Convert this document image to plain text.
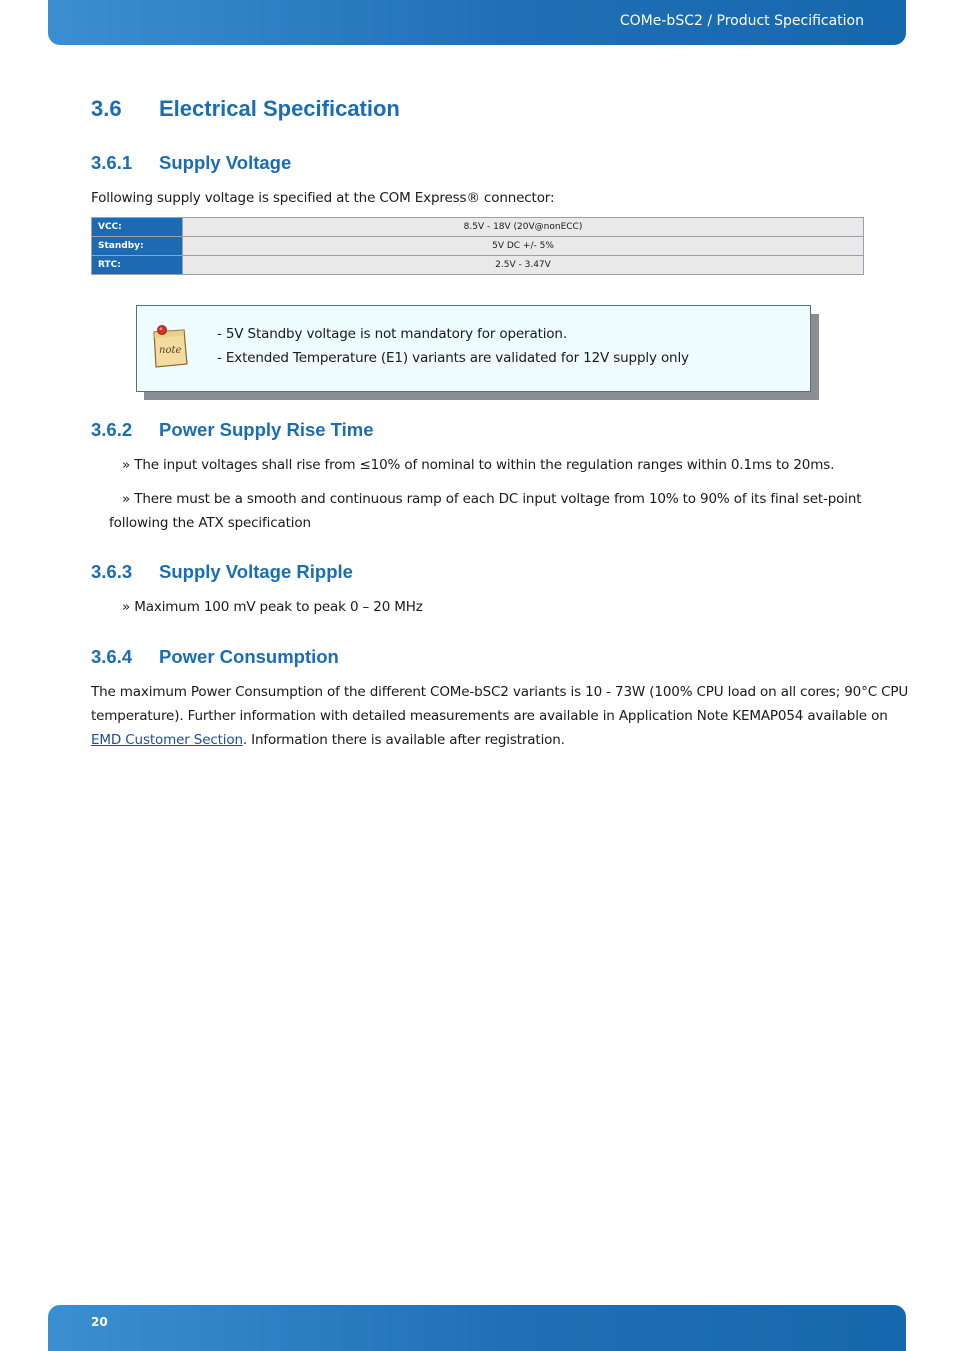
COMe-bSC2 / Product Specification
3.6 Electrical Specification
3.6.1 Supply Voltage

Following supply voltage is specified at the COM Express® connector:

VCC:	8.5V - 18V (20V@nonECC)
Standby:	5V DC +/- 5%
RTC:	2.5V - 3.47V
note
- 5V Standby voltage is not mandatory for operation.
- Extended Temperature (E1) variants are validated for 12V supply only
3.6.2 Power Supply Rise Time

» The input voltages shall rise from ≤10% of nominal to within the regulation ranges within 0.1ms to 20ms.

» There must be a smooth and continuous ramp of each DC input voltage from 10% to 90% of its final set-point

following the ATX specification

3.6.3 Supply Voltage Ripple

» Maximum 100 mV peak to peak 0 – 20 MHz

3.6.4 Power Consumption

The maximum Power Consumption of the different COMe-bSC2 variants is 10 - 73W (100% CPU load on all cores; 90°C CPU

temperature). Further information with detailed measurements are available in Application Note KEMAP054 available on

EMD Customer Section. Information there is available after registration.

20
